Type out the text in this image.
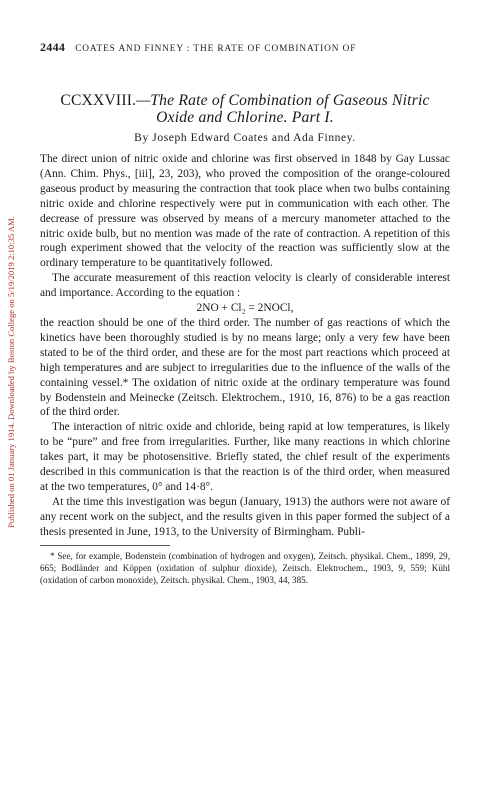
Published on 01 January 1914. Downloaded by Boston College on 5/19/2019 2:10:35 AM.
2444 COATES AND FINNEY : THE RATE OF COMBINATION OF
CCXXVIII.—The Rate of Combination of Gaseous Nitric Oxide and Chlorine. Part I.
By Joseph Edward Coates and Ada Finney.

The direct union of nitric oxide and chlorine was first observed in 1848 by Gay Lussac (Ann. Chim. Phys., [iii], 23, 203), who proved the composition of the orange-coloured gaseous product by measuring the contraction that took place when two bulbs containing nitric oxide and chlorine respectively were put in communication with each other. The decrease of pressure was observed by means of a mercury manometer attached to the nitric oxide bulb, but no mention was made of the rate of contraction. A repetition of this rough experiment showed that the velocity of the reaction was sufficiently slow at the ordinary temperature to be quantitatively followed.

The accurate measurement of this reaction velocity is clearly of considerable interest and importance. According to the equation :

2NO + Cl₂ = 2NOCl,

the reaction should be one of the third order. The number of gas reactions of which the kinetics have been thoroughly studied is by no means large; only a very few have been stated to be of the third order, and these are for the most part reactions which proceed at high temperatures and are subject to irregularities due to the influence of the walls of the containing vessel.* The oxidation of nitric oxide at the ordinary temperature was found by Bodenstein and Meinecke (Zeitsch. Elektrochem., 1910, 16, 876) to be a gas reaction of the third order.

The interaction of nitric oxide and chloride, being rapid at low temperatures, is likely to be “pure” and free from irregularities. Further, like many reactions in which chlorine takes part, it may be photosensitive. Briefly stated, the chief result of the experiments described in this communication is that the reaction is of the third order, when measured at the two temperatures, 0° and 14·8°.

At the time this investigation was begun (January, 1913) the authors were not aware of any recent work on the subject, and the results given in this paper formed the subject of a thesis presented in June, 1913, to the University of Birmingham. Publi-

* See, for example, Bodenstein (combination of hydrogen and oxygen), Zeitsch. physikal. Chem., 1899, 29, 665; Bodländer and Köppen (oxidation of sulphur dioxide), Zeitsch. Elektrochem., 1903, 9, 559; Kühl (oxidation of carbon monoxide), Zeitsch. physikal. Chem., 1903, 44, 385.
